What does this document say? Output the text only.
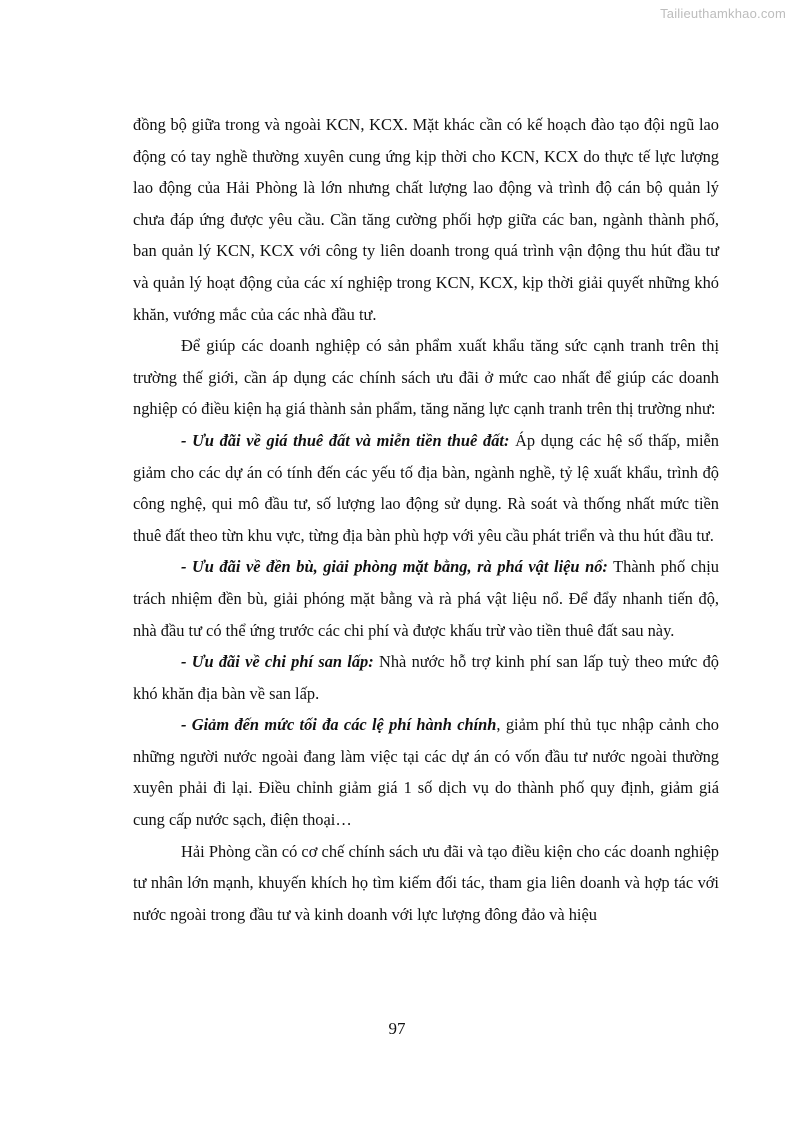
Tailieuthamkhao.com

đồng bộ giữa trong và ngoài KCN, KCX. Mặt khác cần có kế hoạch đào tạo đội ngũ lao động có tay nghề thường xuyên cung ứng kịp thời cho KCN, KCX do thực tế lực lượng lao động của Hải Phòng là lớn nhưng chất lượng lao động và trình độ cán bộ quản lý chưa đáp ứng được yêu cầu. Cần tăng cường phối hợp giữa các ban, ngành thành phố, ban quản lý KCN, KCX với công ty liên doanh trong quá trình vận động thu hút đầu tư và quản lý hoạt động của các xí nghiệp trong KCN, KCX, kịp thời giải quyết những khó khăn, vướng mắc của các nhà đầu tư.

Để giúp các doanh nghiệp có sản phẩm xuất khẩu tăng sức cạnh tranh trên thị trường thế giới, cần áp dụng các chính sách ưu đãi ở mức cao nhất để giúp các doanh nghiệp có điều kiện hạ giá thành sản phẩm, tăng năng lực cạnh tranh trên thị trường như:

- Ưu đãi về giá thuê đất và miễn tiền thuê đất: Áp dụng các hệ số thấp, miễn giảm cho các dự án có tính đến các yếu tố địa bàn, ngành nghề, tỷ lệ xuất khẩu, trình độ công nghệ, qui mô đầu tư, số lượng lao động sử dụng. Rà soát và thống nhất mức tiền thuê đất theo từn khu vực, từng địa bàn phù hợp với yêu cầu phát triển và thu hút đầu tư.

- Ưu đãi về đền bù, giải phòng mặt bằng, rà phá vật liệu nổ: Thành phố chịu trách nhiệm đền bù, giải phóng mặt bằng và rà phá vật liệu nổ. Để đẩy nhanh tiến độ, nhà đầu tư có thể ứng trước các chi phí và được khấu trừ vào tiền thuê đất sau này.

- Ưu đãi về chi phí san lấp: Nhà nước hỗ trợ kinh phí san lấp tuỳ theo mức độ khó khăn địa bàn về san lấp.

- Giảm đến mức tối đa các lệ phí hành chính, giảm phí thủ tục nhập cảnh cho những người nước ngoài đang làm việc tại các dự án có vốn đầu tư nước ngoài thường xuyên phải đi lại. Điều chỉnh giảm giá 1 số dịch vụ do thành phố quy định, giảm giá cung cấp nước sạch, điện thoại…

Hải Phòng cần có cơ chế chính sách ưu đãi và tạo điều kiện cho các doanh nghiệp tư nhân lớn mạnh, khuyến khích họ tìm kiếm đối tác, tham gia liên doanh và hợp tác với nước ngoài trong đầu tư và kinh doanh với lực lượng đông đảo và hiệu

97
